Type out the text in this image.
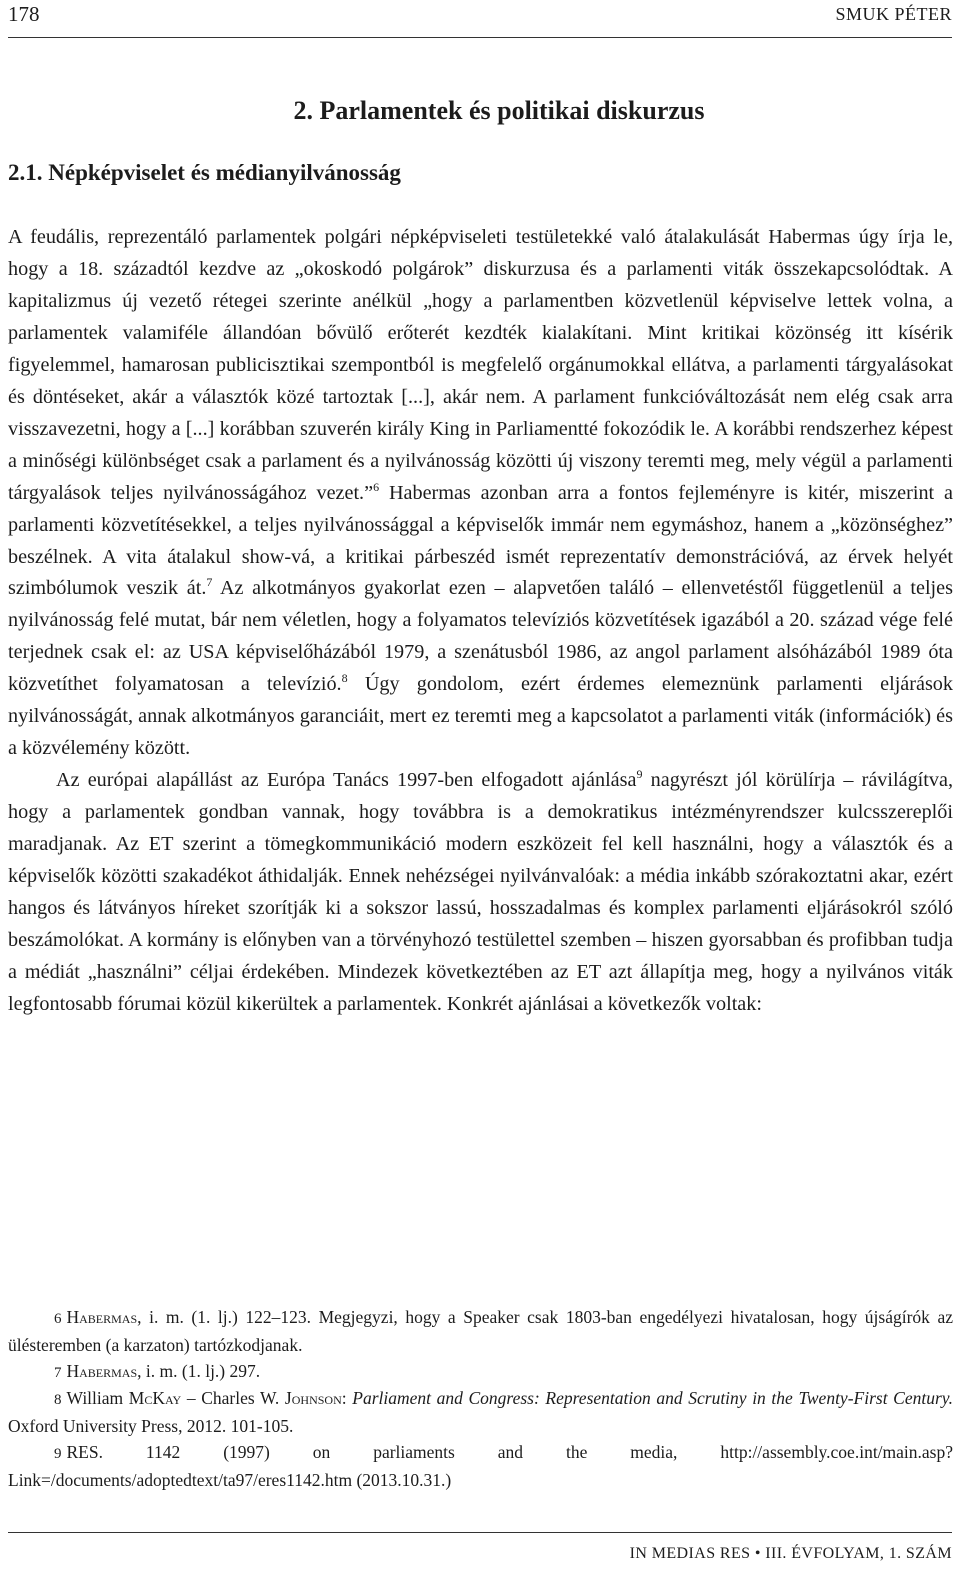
178	SMUK PÉTER
2. Parlamentek és politikai diskurzus
2.1. Népképviselet és médianyilvánosság

A feudális, reprezentáló parlamentek polgári népképviseleti testületekké való átalakulását Habermas úgy írja le, hogy a 18. századtól kezdve az „okoskodó polgárok” diskurzusa és a parlamenti viták összekapcsolódtak. A kapitalizmus új vezető rétegei szerinte anélkül „hogy a parlamentben közvetlenül képviselve lettek volna, a parlamentek valamiféle állandóan bővülő erőterét kezdték kialakítani. Mint kritikai közönség itt kísérik figyelemmel, hamarosan publicisztikai szempontból is megfelelő orgánumokkal ellátva, a parlamenti tárgyalásokat és döntéseket, akár a választók közé tartoztak [...], akár nem. A parlament funkcióváltozását nem elég csak arra visszavezetni, hogy a [...] korábban szuverén király King in Parliamentté fokozódik le. A korábbi rendszerhez képest a minőségi különbséget csak a parlament és a nyilvánosság közötti új viszony teremti meg, mely végül a parlamenti tárgyalások teljes nyilvánosságához vezet.”$^6$ Habermas azonban arra a fontos fejleményre is kitér, miszerint a parlamenti közvetítésekkel, a teljes nyilvánossággal a képviselők immár nem egymáshoz, hanem a „közönséghez” beszélnek. A vita átalakul show-vá, a kritikai párbeszéd ismét reprezentatív demonstrációvá, az érvek helyét szimbólumok veszik át.$^7$ Az alkotmányos gyakorlat ezen – alapvetően találó – ellenvetéstől függetlenül a teljes nyilvánosság felé mutat, bár nem véletlen, hogy a folyamatos televíziós közvetítések igazából a 20. század vége felé terjednek csak el: az USA képviselőházából 1979, a szenátusból 1986, az angol parlament alsóházából 1989 óta közvetíthet folyamatosan a televízió.$^8$ Úgy gondolom, ezért érdemes elemeznünk parlamenti eljárások nyilvánosságát, annak alkotmányos garanciáit, mert ez teremti meg a kapcsolatot a parlamenti viták (információk) és a közvélemény között.

Az európai alapállást az Európa Tanács 1997-ben elfogadott ajánlása$^9$ nagyrészt jól körülírja – rávilágítva, hogy a parlamentek gondban vannak, hogy továbbra is a demokratikus intézményrendszer kulcsszereplői maradjanak. Az ET szerint a tömegkommunikáció modern eszközeit fel kell használni, hogy a választók és a képviselők közötti szakadékot áthidalják. Ennek nehézségei nyilvánvalóak: a média inkább szórakoztatni akar, ezért hangos és látványos híreket szorítják ki a sokszor lassú, hosszadalmas és komplex parlamenti eljárásokról szóló beszámolókat. A kormány is előnyben van a törvényhozó testülettel szemben – hiszen gyorsabban és profibban tudja a médiát „használni” céljai érdekében. Mindezek következtében az ET azt állapítja meg, hogy a nyilvános viták legfontosabb fórumai közül kikerültek a parlamentek. Konkrét ajánlásai a következők voltak:

6 Habermas, i. m. (1. lj.) 122–123. Megjegyzi, hogy a Speaker csak 1803-ban engedélyezi hivatalosan, hogy újságírók az ülésteremben (a karzaton) tartózkodjanak.

7 Habermas, i. m. (1. lj.) 297.

8 William McKay – Charles W. Johnson: Parliament and Congress: Representation and Scrutiny in the Twenty-First Century. Oxford University Press, 2012. 101-105.

9 RES. 1142 (1997) on parliaments and the media, http://assembly.coe.int/main.asp?Link=/documents/adoptedtext/ta97/eres1142.htm (2013.10.31.)

IN MEDIAS RES • III. ÉVFOLYAM, 1. SZÁM
